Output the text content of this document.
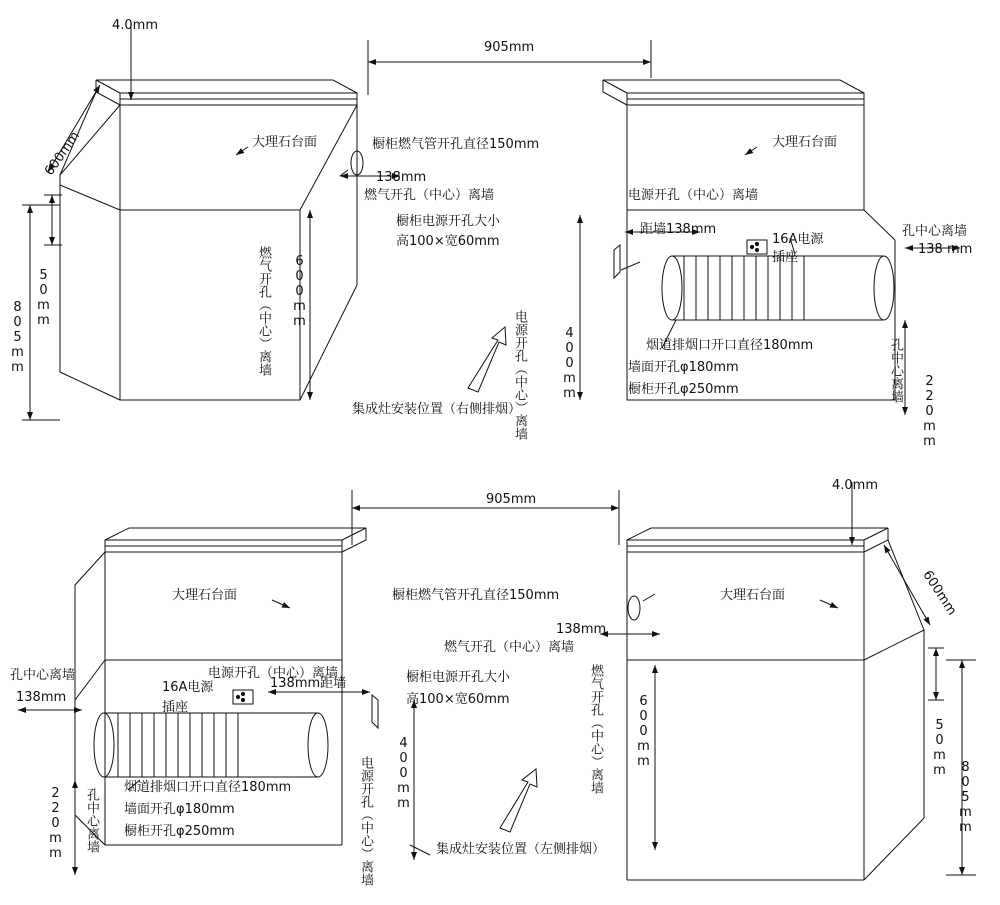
4.0mm
600mm
50mm
805mm
大理石台面	大理石台面
橱柜燃气管开孔直径150mm
138mm
燃气开孔（中心）离墙
橱柜电源开孔大小
高100×宽60mm
电源开孔（中心）离墙
距墙138mm
16A电源
插座
孔中心离墙
138 mm
烟道排烟口开口直径180mm
墙面开孔φ180mm
橱柜开孔φ250mm
燃气开孔（中心）离墙 600mm
电源开孔（中心）离墙	400mm	孔中心离墙
220mm
集成灶安装位置（右侧排烟）
905mm
905mm
4.0mm
600mm
50mm
805mm
大理石台面	大理石台面
橱柜燃气管开孔直径150mm
138mm
燃气开孔（中心）离墙
电源开孔（中心）离墙	橱柜电源开孔大小
高100×宽60mm
16A电源
插座
138mm距墙
孔中心离墙
138mm
烟道排烟口开口直径180mm
墙面开孔φ180mm
橱柜开孔φ250mm
燃气开孔（中心）离墙	600mm
电源开孔（中心）离墙 400mm
孔中心离墙
220mm	集成灶安装位置（左侧排烟）
